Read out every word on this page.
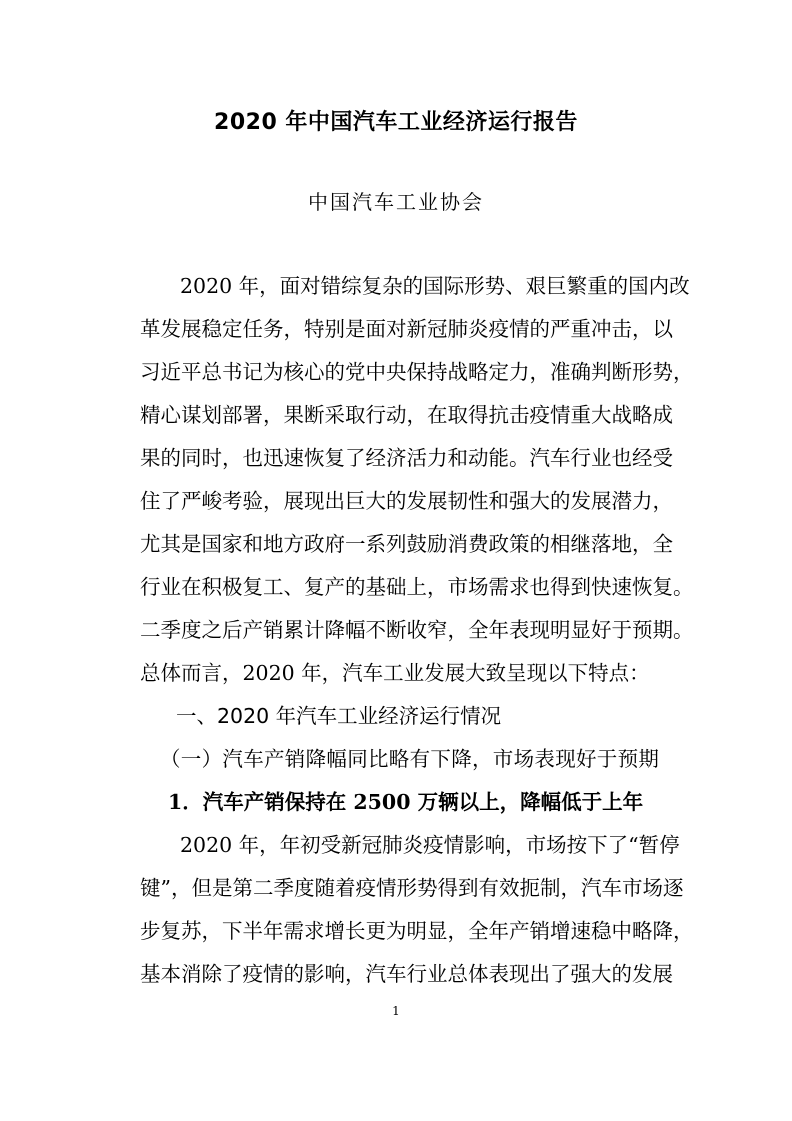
2020 年中国汽车工业经济运行报告
中国汽车工业协会
2020 年，面对错综复杂的国际形势、艰巨繁重的国内改
革发展稳定任务，特别是面对新冠肺炎疫情的严重冲击，以
习近平总书记为核心的党中央保持战略定力，准确判断形势，
精心谋划部署，果断采取行动，在取得抗击疫情重大战略成
果的同时，也迅速恢复了经济活力和动能。汽车行业也经受
住了严峻考验，展现出巨大的发展韧性和强大的发展潜力，
尤其是国家和地方政府一系列鼓励消费政策的相继落地，全
行业在积极复工、复产的基础上，市场需求也得到快速恢复。
二季度之后产销累计降幅不断收窄，全年表现明显好于预期。
总体而言，2020 年，汽车工业发展大致呈现以下特点：
一、2020 年汽车工业经济运行情况
（一）汽车产销降幅同比略有下降，市场表现好于预期
1．汽车产销保持在 2500 万辆以上，降幅低于上年
2020 年，年初受新冠肺炎疫情影响，市场按下了“暂停
键”，但是第二季度随着疫情形势得到有效扼制，汽车市场逐
步复苏，下半年需求增长更为明显，全年产销增速稳中略降，
基本消除了疫情的影响，汽车行业总体表现出了强大的发展
1
